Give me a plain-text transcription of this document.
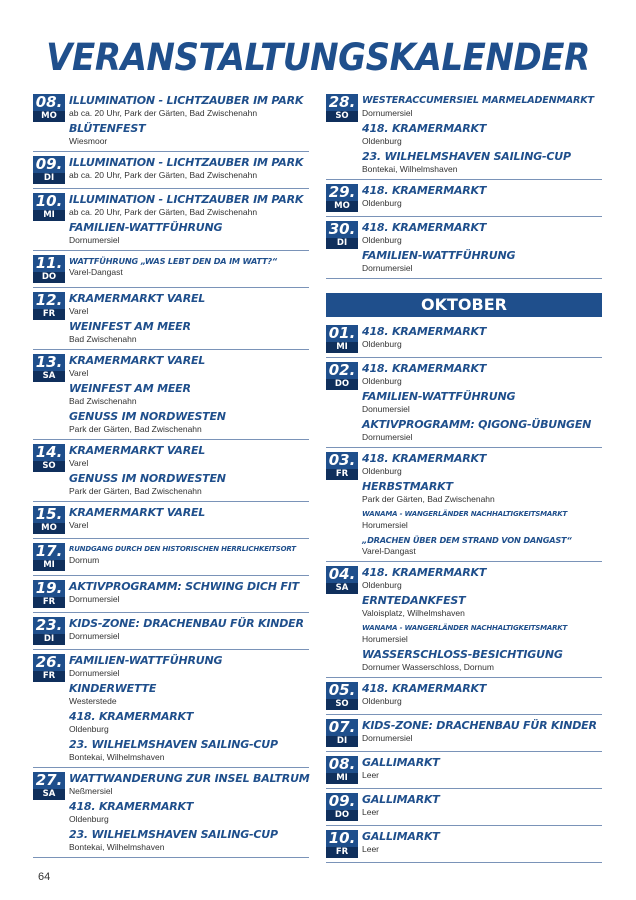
VERANSTALTUNGSKALENDER
08.
MO
ILLUMINATION - LICHTZAUBER IM PARK
ab ca. 20 Uhr, Park der Gärten, Bad Zwischenahn
BLÜTENFEST
Wiesmoor
09.
DI
ILLUMINATION - LICHTZAUBER IM PARK
ab ca. 20 Uhr, Park der Gärten, Bad Zwischenahn
10.
MI
ILLUMINATION - LICHTZAUBER IM PARK
ab ca. 20 Uhr, Park der Gärten, Bad Zwischenahn
FAMILIEN-WATTFÜHRUNG
Dornumersiel
11.
DO
WATTFÜHRUNG „WAS LEBT DEN DA IM WATT?“
Varel-Dangast
12.
FR
KRAMERMARKT VAREL
Varel
WEINFEST AM MEER
Bad Zwischenahn
13.
SA
KRAMERMARKT VAREL
Varel
WEINFEST AM MEER
Bad Zwischenahn
GENUSS IM NORDWESTEN
Park der Gärten, Bad Zwischenahn
14.
SO
KRAMERMARKT VAREL
Varel
GENUSS IM NORDWESTEN
Park der Gärten, Bad Zwischenahn
15.
MO
KRAMERMARKT VAREL
Varel
17.
MI
RUNDGANG DURCH DEN HISTORISCHEN HERRLICHKEITSORT
Dornum
19.
FR
AKTIVPROGRAMM: SCHWING DICH FIT
Dornumersiel
23.
DI
KIDS-ZONE: DRACHENBAU FÜR KINDER
Dornumersiel
26.
FR
FAMILIEN-WATTFÜHRUNG
Dornumersiel
KINDERWETTE
Westerstede
418. KRAMERMARKT
Oldenburg
23. WILHELMSHAVEN SAILING-CUP
Bontekai, Wilhelmshaven
27.
SA
WATTWANDERUNG ZUR INSEL BALTRUM
Neßmersiel
418. KRAMERMARKT
Oldenburg
23. WILHELMSHAVEN SAILING-CUP
Bontekai, Wilhelmshaven
28.
SO
WESTERACCUMERSIEL MARMELADENMARKT
Dornumersiel
418. KRAMERMARKT
Oldenburg
23. WILHELMSHAVEN SAILING-CUP
Bontekai, Wilhelmshaven
29.
MO
418. KRAMERMARKT
Oldenburg
30.
DI
418. KRAMERMARKT
Oldenburg
FAMILIEN-WATTFÜHRUNG
Dornumersiel
OKTOBER
01.
MI
418. KRAMERMARKT
Oldenburg
02.
DO
418. KRAMERMARKT
Oldenburg
FAMILIEN-WATTFÜHRUNG
Donumersiel
AKTIVPROGRAMM: QIGONG-ÜBUNGEN
Dornumersiel
03.
FR
418. KRAMERMARKT
Oldenburg
HERBSTMARKT
Park der Gärten, Bad Zwischenahn
WANAMA - WANGERLÄNDER NACHHALTIGKEITSMARKT
Horumersiel
„DRACHEN ÜBER DEM STRAND VON DANGAST“
Varel-Dangast
04.
SA
418. KRAMERMARKT
Oldenburg
ERNTEDANKFEST
Valoisplatz, Wilhelmshaven
WANAMA - WANGERLÄNDER NACHHALTIGKEITSMARKT
Horumersiel
WASSERSCHLOSS-BESICHTIGUNG
Dornumer Wasserschloss, Dornum
05.
SO
418. KRAMERMARKT
Oldenburg
07.
DI
KIDS-ZONE: DRACHENBAU FÜR KINDER
Dornumersiel
08.
MI
GALLIMARKT
Leer
09.
DO
GALLIMARKT
Leer
10.
FR
GALLIMARKT
Leer
64
